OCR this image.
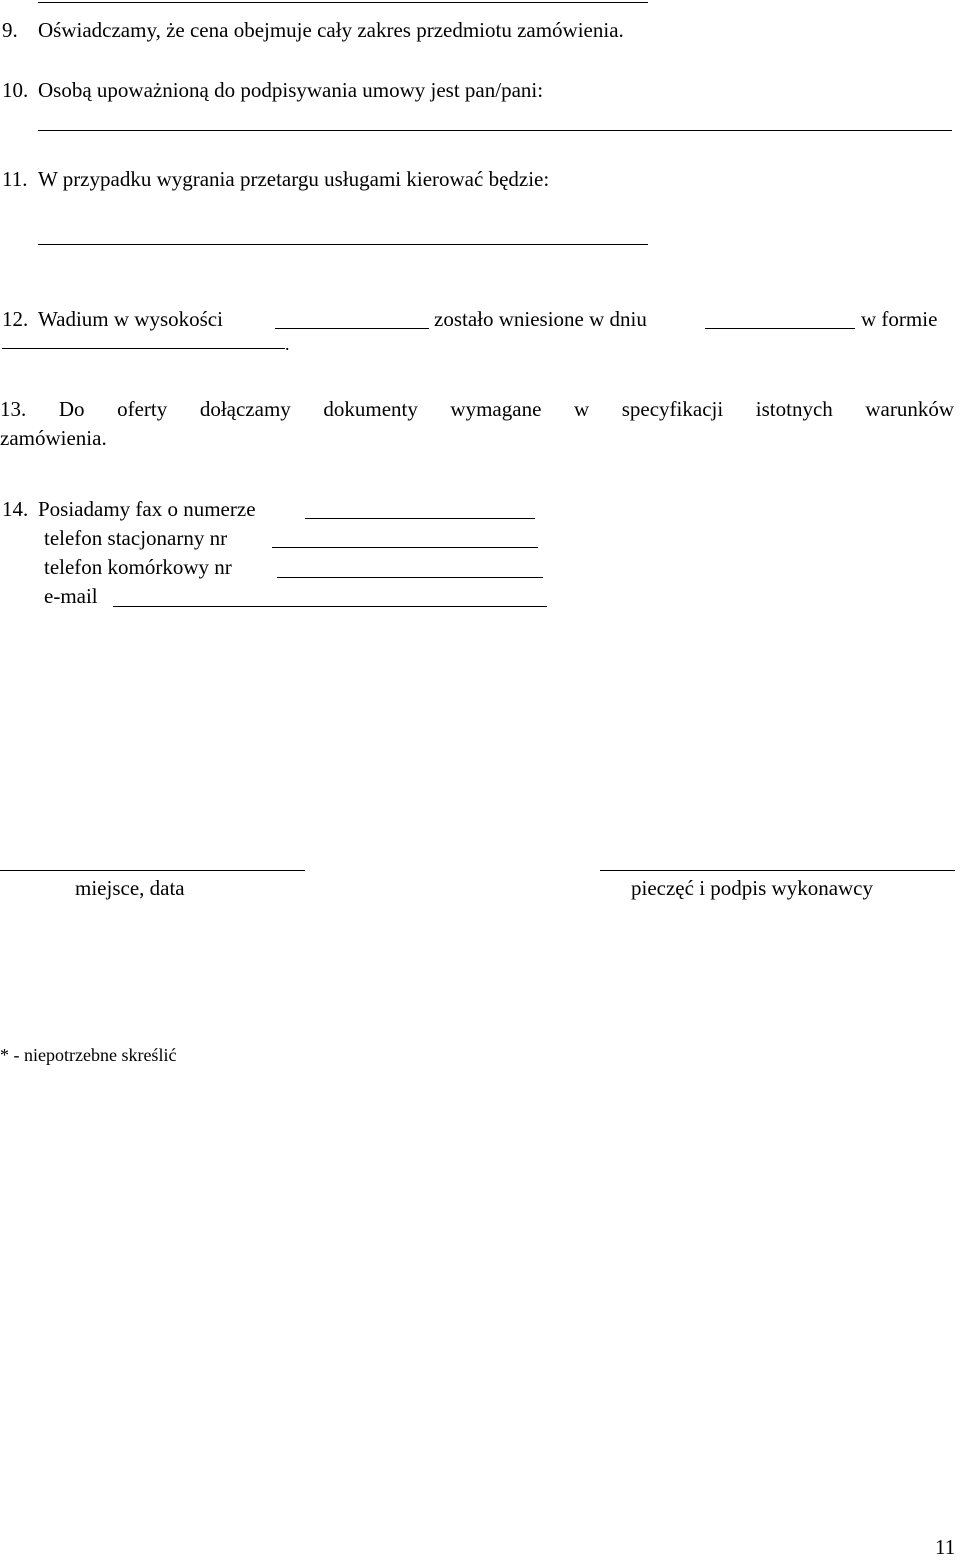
9. Oświadczamy, że cena obejmuje cały zakres przedmiotu zamówienia.
10. Osobą upoważnioną do podpisywania umowy jest pan/pani:
11. W przypadku wygrania przetargu usługami kierować będzie:
12. Wadium w wysokości	zostało wniesione w dniu	w formie
.
13. Do oferty dołączamy dokumenty wymagane w specyfikacji istotnych warunków
zamówienia.
14. Posiadamy fax o numerze
telefon stacjonarny nr
telefon komórkowy nr
e-mail
miejsce, data	pieczęć i podpis wykonawcy
* - niepotrzebne skreślić
11
